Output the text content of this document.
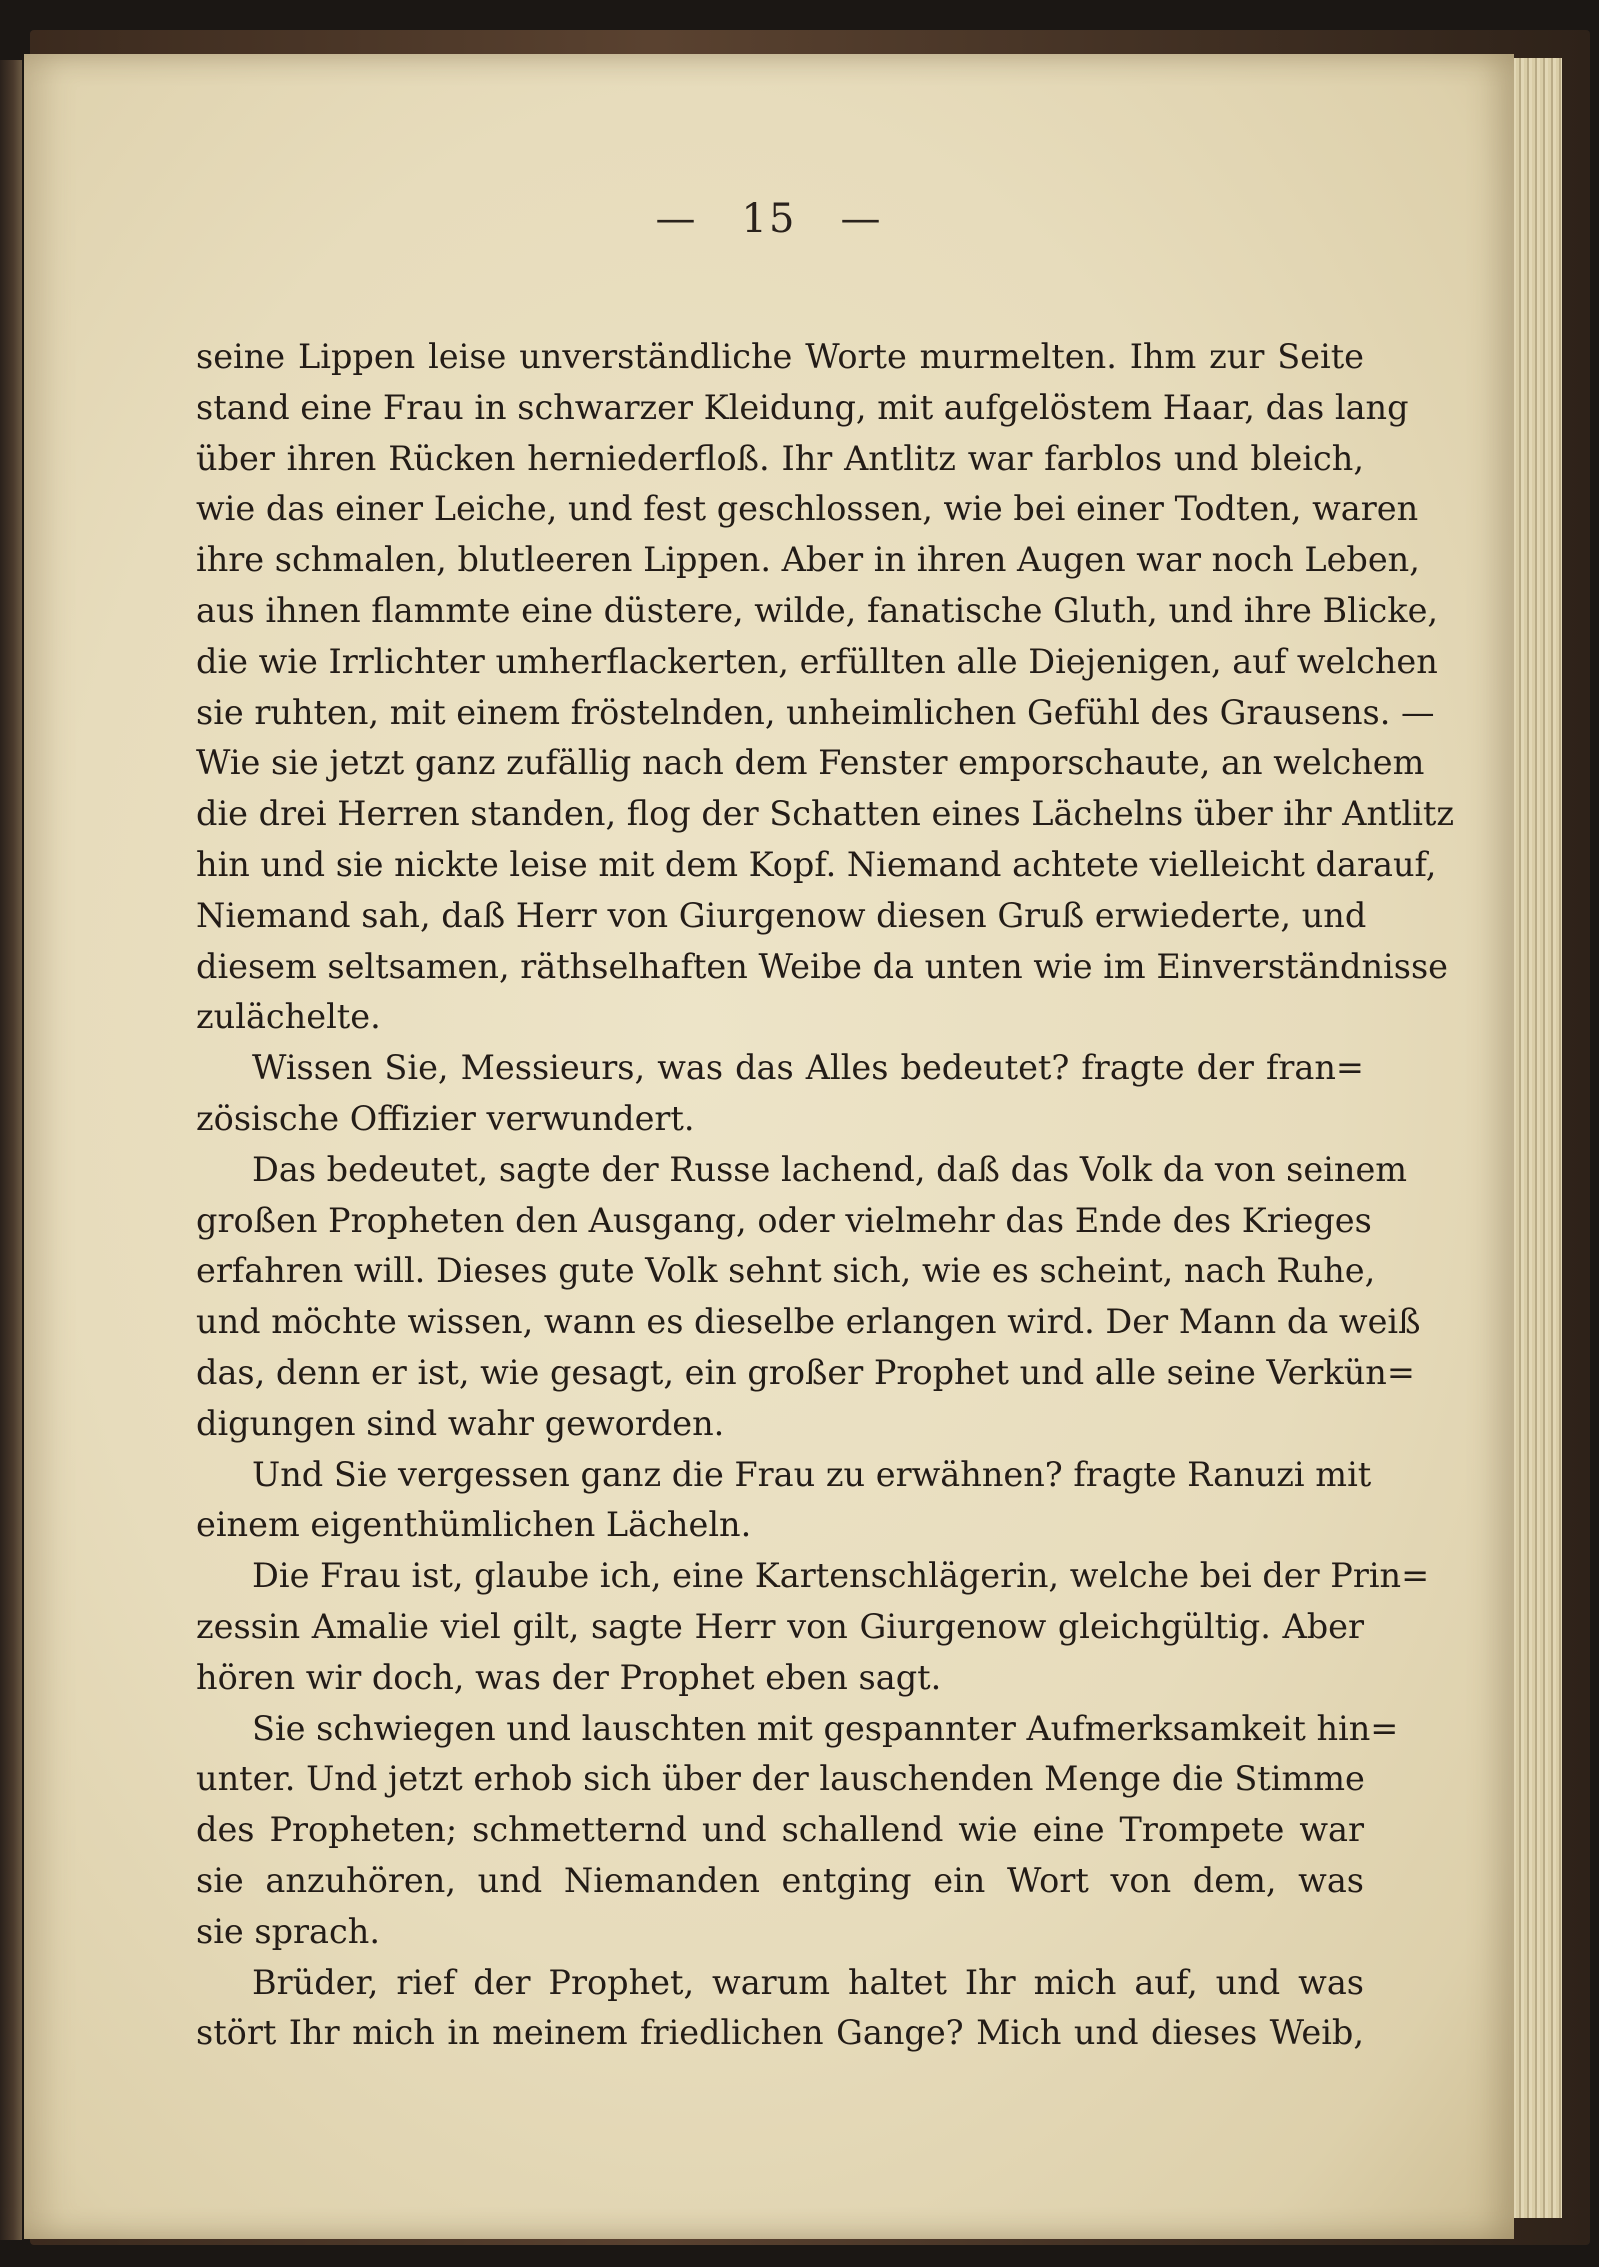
— 15 —
seine Lippen leise unverständliche Worte murmelten. Ihm zur Seite
stand eine Frau in schwarzer Kleidung, mit aufgelöstem Haar, das lang
über ihren Rücken herniederfloß. Ihr Antlitz war farblos und bleich,
wie das einer Leiche, und fest geschlossen, wie bei einer Todten, waren
ihre schmalen, blutleeren Lippen. Aber in ihren Augen war noch Leben,
aus ihnen flammte eine düstere, wilde, fanatische Gluth, und ihre Blicke,
die wie Irrlichter umherflackerten, erfüllten alle Diejenigen, auf welchen
sie ruhten, mit einem fröstelnden, unheimlichen Gefühl des Grausens. —
Wie sie jetzt ganz zufällig nach dem Fenster emporschaute, an welchem
die drei Herren standen, flog der Schatten eines Lächelns über ihr Antlitz
hin und sie nickte leise mit dem Kopf. Niemand achtete vielleicht darauf,
Niemand sah, daß Herr von Giurgenow diesen Gruß erwiederte, und
diesem seltsamen, räthselhaften Weibe da unten wie im Einverständnisse
zulächelte.
Wissen Sie, Messieurs, was das Alles bedeutet? fragte der fran=
zösische Offizier verwundert.
Das bedeutet, sagte der Russe lachend, daß das Volk da von seinem
großen Propheten den Ausgang, oder vielmehr das Ende des Krieges
erfahren will. Dieses gute Volk sehnt sich, wie es scheint, nach Ruhe,
und möchte wissen, wann es dieselbe erlangen wird. Der Mann da weiß
das, denn er ist, wie gesagt, ein großer Prophet und alle seine Verkün=
digungen sind wahr geworden.
Und Sie vergessen ganz die Frau zu erwähnen? fragte Ranuzi mit
einem eigenthümlichen Lächeln.
Die Frau ist, glaube ich, eine Kartenschlägerin, welche bei der Prin=
zessin Amalie viel gilt, sagte Herr von Giurgenow gleichgültig. Aber
hören wir doch, was der Prophet eben sagt.
Sie schwiegen und lauschten mit gespannter Aufmerksamkeit hin=
unter. Und jetzt erhob sich über der lauschenden Menge die Stimme
des Propheten; schmetternd und schallend wie eine Trompete war
sie anzuhören, und Niemanden entging ein Wort von dem, was
sie sprach.
Brüder, rief der Prophet, warum haltet Ihr mich auf, und was
stört Ihr mich in meinem friedlichen Gange? Mich und dieses Weib,
